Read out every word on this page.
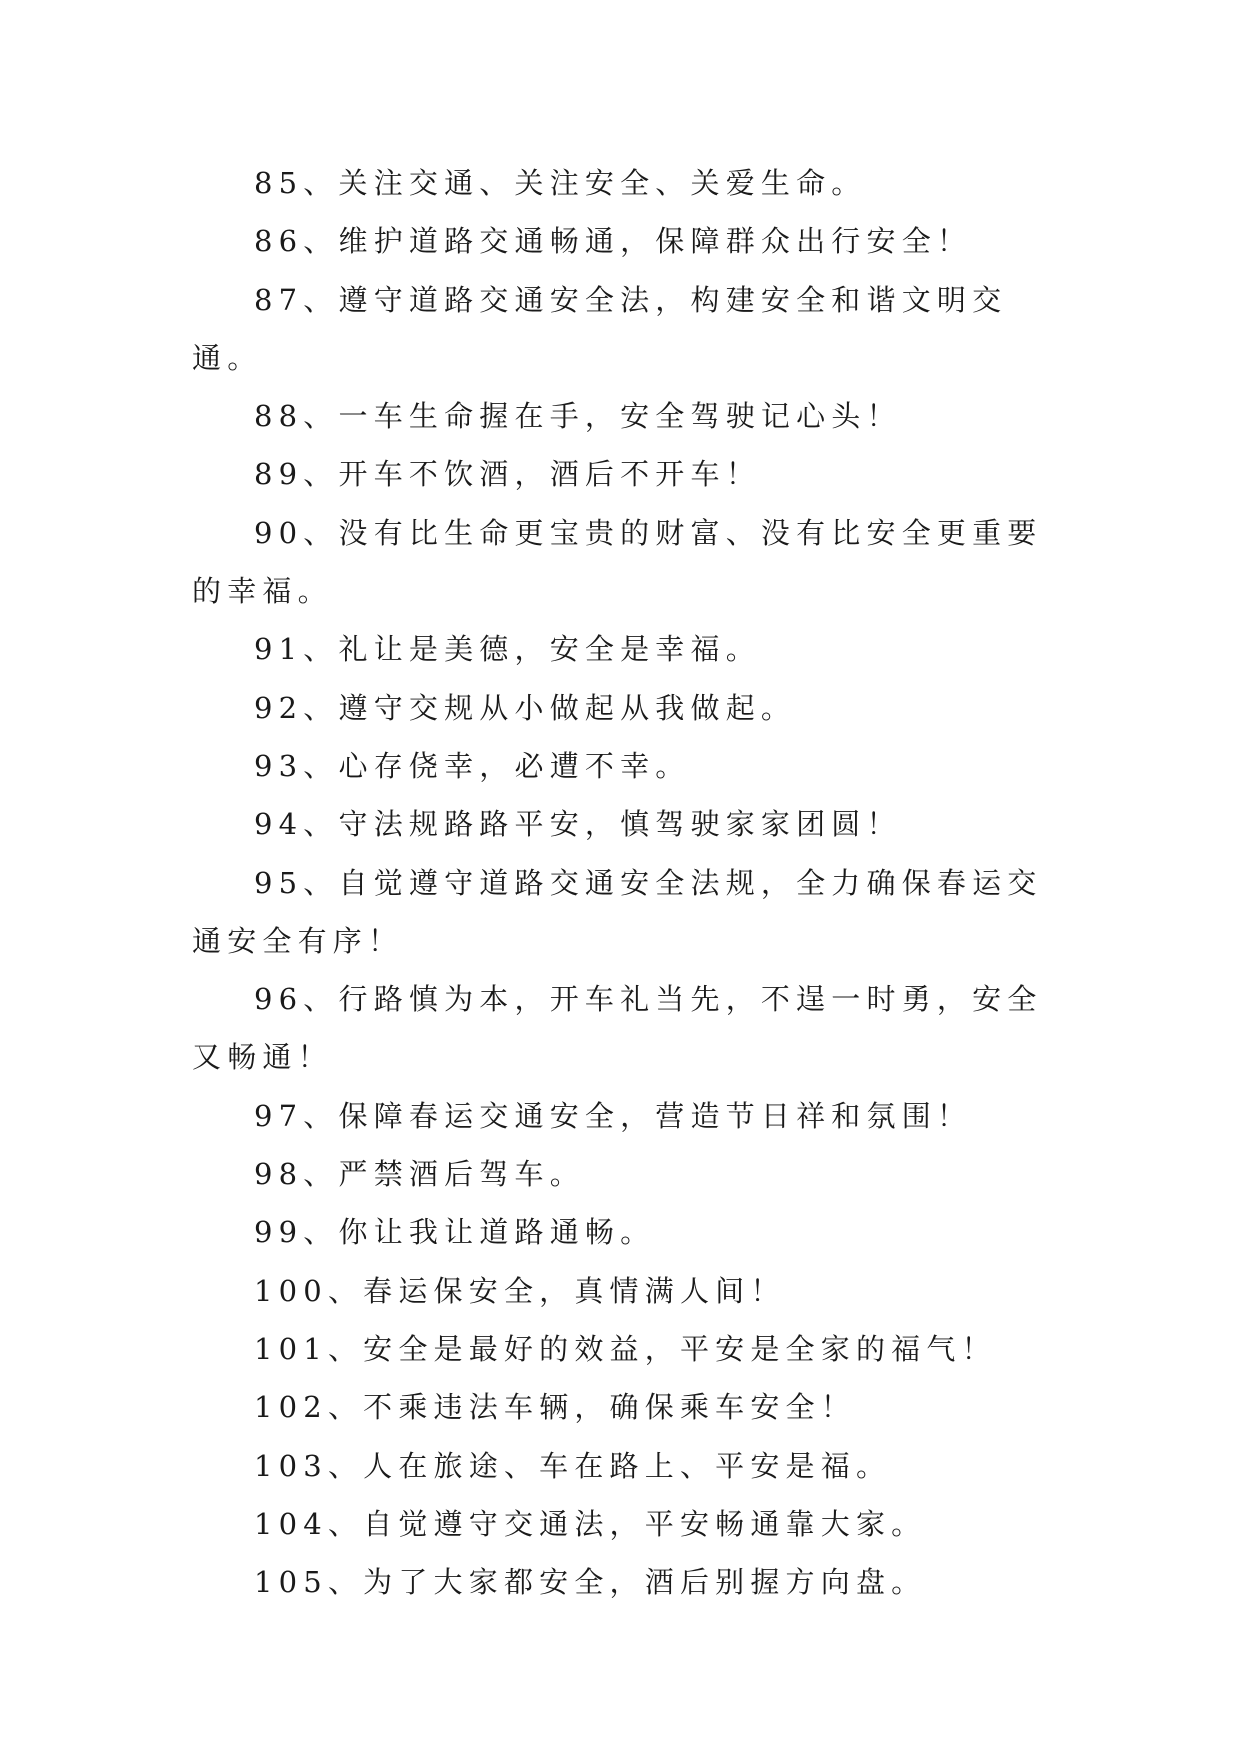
85、关注交通、关注安全、关爱生命。

86、维护道路交通畅通，保障群众出行安全！

87、遵守道路交通安全法，构建安全和谐文明交通。

88、一车生命握在手，安全驾驶记心头！

89、开车不饮酒，酒后不开车！

90、没有比生命更宝贵的财富、没有比安全更重要的幸福。

91、礼让是美德，安全是幸福。

92、遵守交规从小做起从我做起。

93、心存侥幸，必遭不幸。

94、守法规路路平安，慎驾驶家家团圆！

95、自觉遵守道路交通安全法规，全力确保春运交通安全有序！

96、行路慎为本，开车礼当先，不逞一时勇，安全又畅通！

97、保障春运交通安全，营造节日祥和氛围！

98、严禁酒后驾车。

99、你让我让道路通畅。

100、春运保安全，真情满人间！

101、安全是最好的效益，平安是全家的福气！

102、不乘违法车辆，确保乘车安全！

103、人在旅途、车在路上、平安是福。

104、自觉遵守交通法，平安畅通靠大家。

105、为了大家都安全，酒后别握方向盘。
